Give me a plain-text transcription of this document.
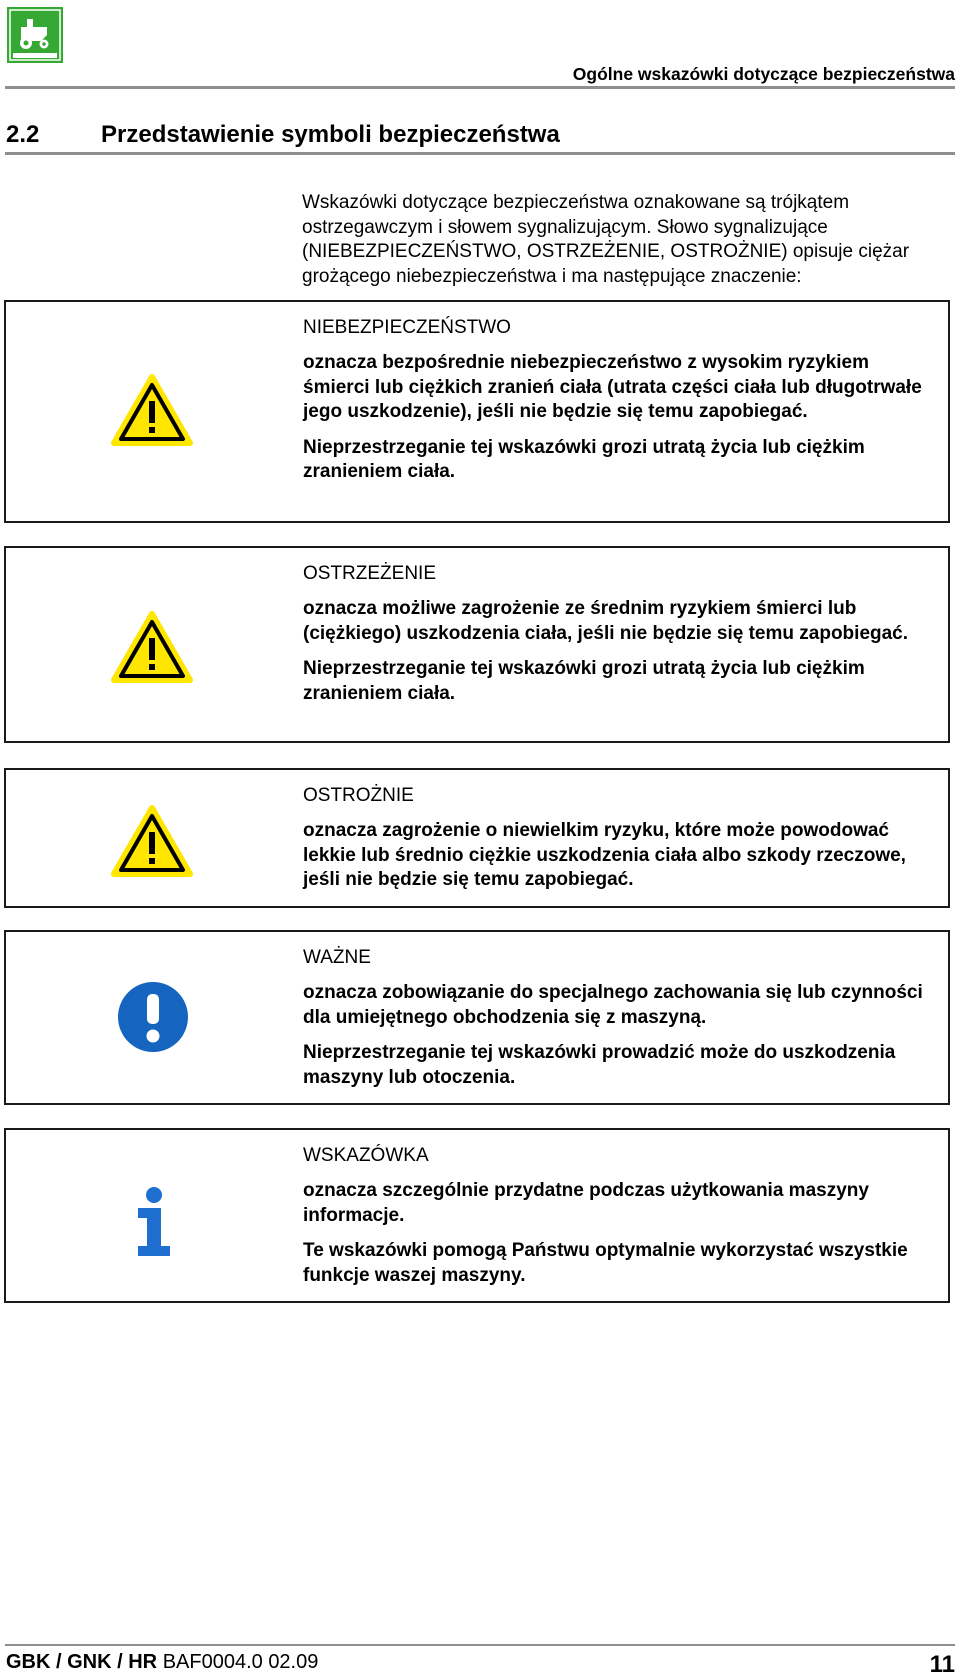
Ogólne wskazówki dotyczące bezpieczeństwa
2.2	Przedstawienie symboli bezpieczeństwa

Wskazówki dotyczące bezpieczeństwa oznakowane są trójkątem ostrzegawczym i słowem sygnalizującym. Słowo sygnalizujące (NIEBEZPIECZEŃSTWO, OSTRZEŻENIE, OSTROŻNIE) opisuje ciężar grożącego niebezpieczeństwa i ma następujące znaczenie:

NIEBEZPIECZEŃSTWO

oznacza bezpośrednie niebezpieczeństwo z wysokim ryzykiem śmierci lub ciężkich zranień ciała (utrata części ciała lub długotrwałe jego uszkodzenie), jeśli nie będzie się temu zapobiegać.

Nieprzestrzeganie tej wskazówki grozi utratą życia lub ciężkim zranieniem ciała.

OSTRZEŻENIE

oznacza możliwe zagrożenie ze średnim ryzykiem śmierci lub (ciężkiego) uszkodzenia ciała, jeśli nie będzie się temu zapobiegać.

Nieprzestrzeganie tej wskazówki grozi utratą życia lub ciężkim zranieniem ciała.

OSTROŻNIE

oznacza zagrożenie o niewielkim ryzyku, które może powodować lekkie lub średnio ciężkie uszkodzenia ciała albo szkody rzeczowe, jeśli nie będzie się temu zapobiegać.

WAŻNE

oznacza zobowiązanie do specjalnego zachowania się lub czynności dla umiejętnego obchodzenia się z maszyną.

Nieprzestrzeganie tej wskazówki prowadzić może do uszkodzenia maszyny lub otoczenia.

WSKAZÓWKA

oznacza szczególnie przydatne podczas użytkowania maszyny informacje.

Te wskazówki pomogą Państwu optymalnie wykorzystać wszystkie funkcje waszej maszyny.

GBK / GNK / HR BAF0004.0 02.09	11
